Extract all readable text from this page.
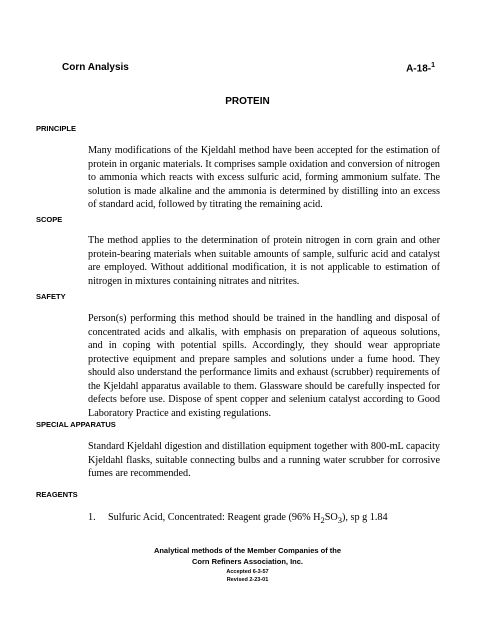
Corn Analysis	A-18-$^1$
PROTEIN
PRINCIPLE

Many modifications of the Kjeldahl method have been accepted for the estimation of protein in organic materials. It comprises sample oxidation and conversion of nitrogen to ammonia which reacts with excess sulfuric acid, forming ammonium sulfate. The solution is made alkaline and the ammonia is determined by distilling into an excess of standard acid, followed by titrating the remaining acid.

SCOPE

The method applies to the determination of protein nitrogen in corn grain and other protein-bearing materials when suitable amounts of sample, sulfuric acid and catalyst are employed. Without additional modification, it is not applicable to estimation of nitrogen in mixtures containing nitrates and nitrites.

SAFETY

Person(s) performing this method should be trained in the handling and disposal of concentrated acids and alkalis, with emphasis on preparation of aqueous solutions, and in coping with potential spills. Accordingly, they should wear appropriate protective equipment and prepare samples and solutions under a fume hood. They should also understand the performance limits and exhaust (scrubber) requirements of the Kjeldahl apparatus available to them. Glassware should be carefully inspected for defects before use. Dispose of spent copper and selenium catalyst according to Good Laboratory Practice and existing regulations.

SPECIAL APPARATUS

Standard Kjeldahl digestion and distillation equipment together with 800-mL capacity Kjeldahl flasks, suitable connecting bulbs and a running water scrubber for corrosive fumes are recommended.

REAGENTS
1. Sulfuric Acid, Concentrated: Reagent grade (96% $H_2SO_3$), sp g 1.84
Analytical methods of the Member Companies of the
Corn Refiners Association, Inc.
Accepted 6-3-57
Revised 2-23-01
